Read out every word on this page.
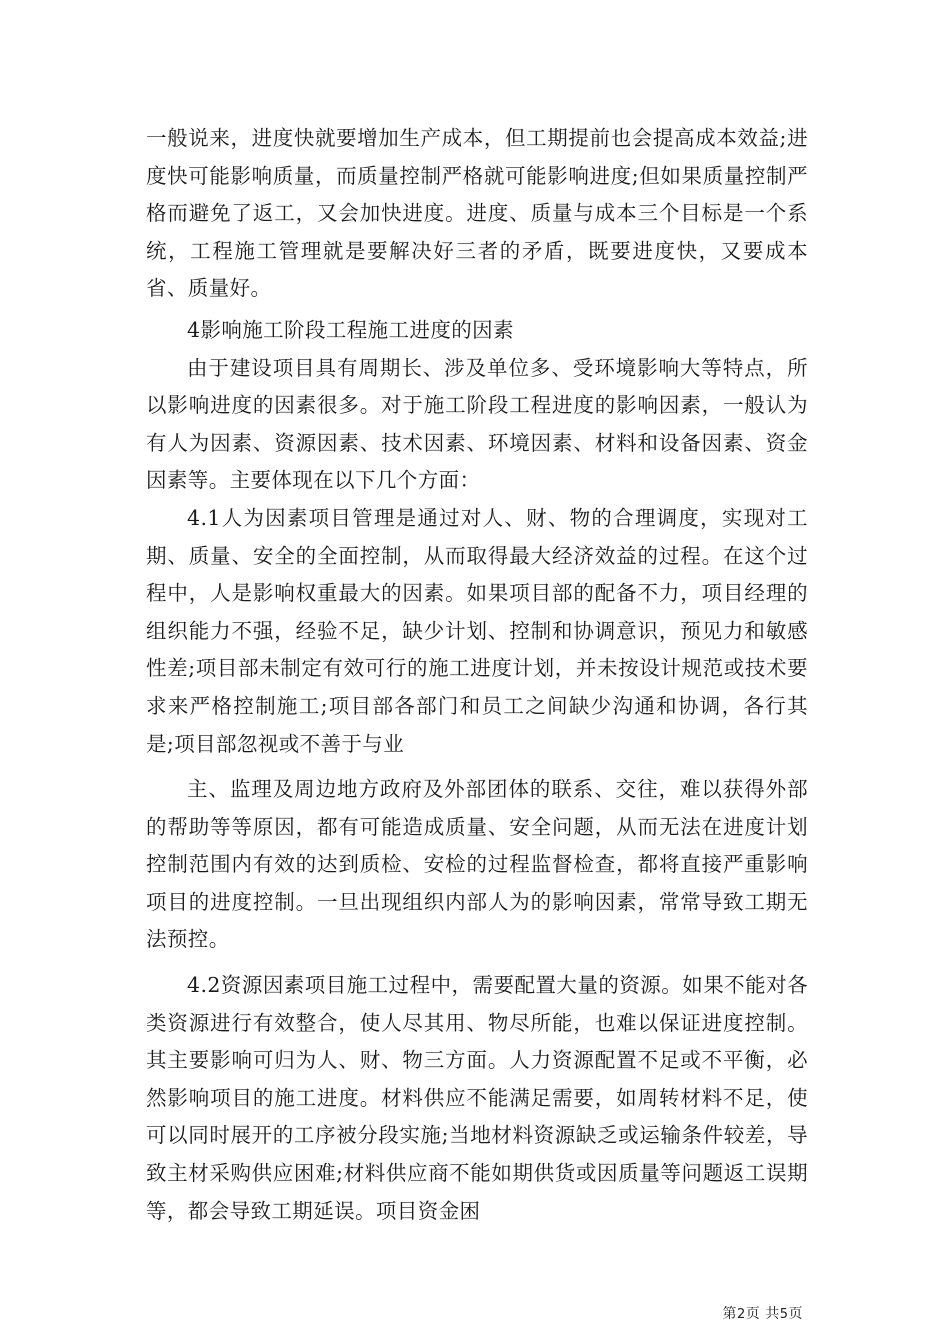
一般说来，进度快就要增加生产成本，但工期提前也会提高成本效益;进度快可能影响质量，而质量控制严格就可能影响进度;但如果质量控制严格而避免了返工，又会加快进度。进度、质量与成本三个目标是一个系统，工程施工管理就是要解决好三者的矛盾，既要进度快，又要成本省、质量好。

4影响施工阶段工程施工进度的因素

由于建设项目具有周期长、涉及单位多、受环境影响大等特点，所以影响进度的因素很多。对于施工阶段工程进度的影响因素，一般认为有人为因素、资源因素、技术因素、环境因素、材料和设备因素、资金因素等。主要体现在以下几个方面：

4.1人为因素项目管理是通过对人、财、物的合理调度，实现对工期、质量、安全的全面控制，从而取得最大经济效益的过程。在这个过程中，人是影响权重最大的因素。如果项目部的配备不力，项目经理的组织能力不强，经验不足，缺少计划、控制和协调意识，预见力和敏感性差;项目部未制定有效可行的施工进度计划，并未按设计规范或技术要求来严格控制施工;项目部各部门和员工之间缺少沟通和协调，各行其是;项目部忽视或不善于与业

主、监理及周边地方政府及外部团体的联系、交往，难以获得外部的帮助等等原因，都有可能造成质量、安全问题，从而无法在进度计划控制范围内有效的达到质检、安检的过程监督检查，都将直接严重影响项目的进度控制。一旦出现组织内部人为的影响因素，常常导致工期无法预控。

4.2资源因素项目施工过程中，需要配置大量的资源。如果不能对各类资源进行有效整合，使人尽其用、物尽所能，也难以保证进度控制。其主要影响可归为人、财、物三方面。人力资源配置不足或不平衡，必然影响项目的施工进度。材料供应不能满足需要，如周转材料不足，使可以同时展开的工序被分段实施;当地材料资源缺乏或运输条件较差，导致主材采购供应困难;材料供应商不能如期供货或因质量等问题返工误期等，都会导致工期延误。项目资金困

第2页 共5页
